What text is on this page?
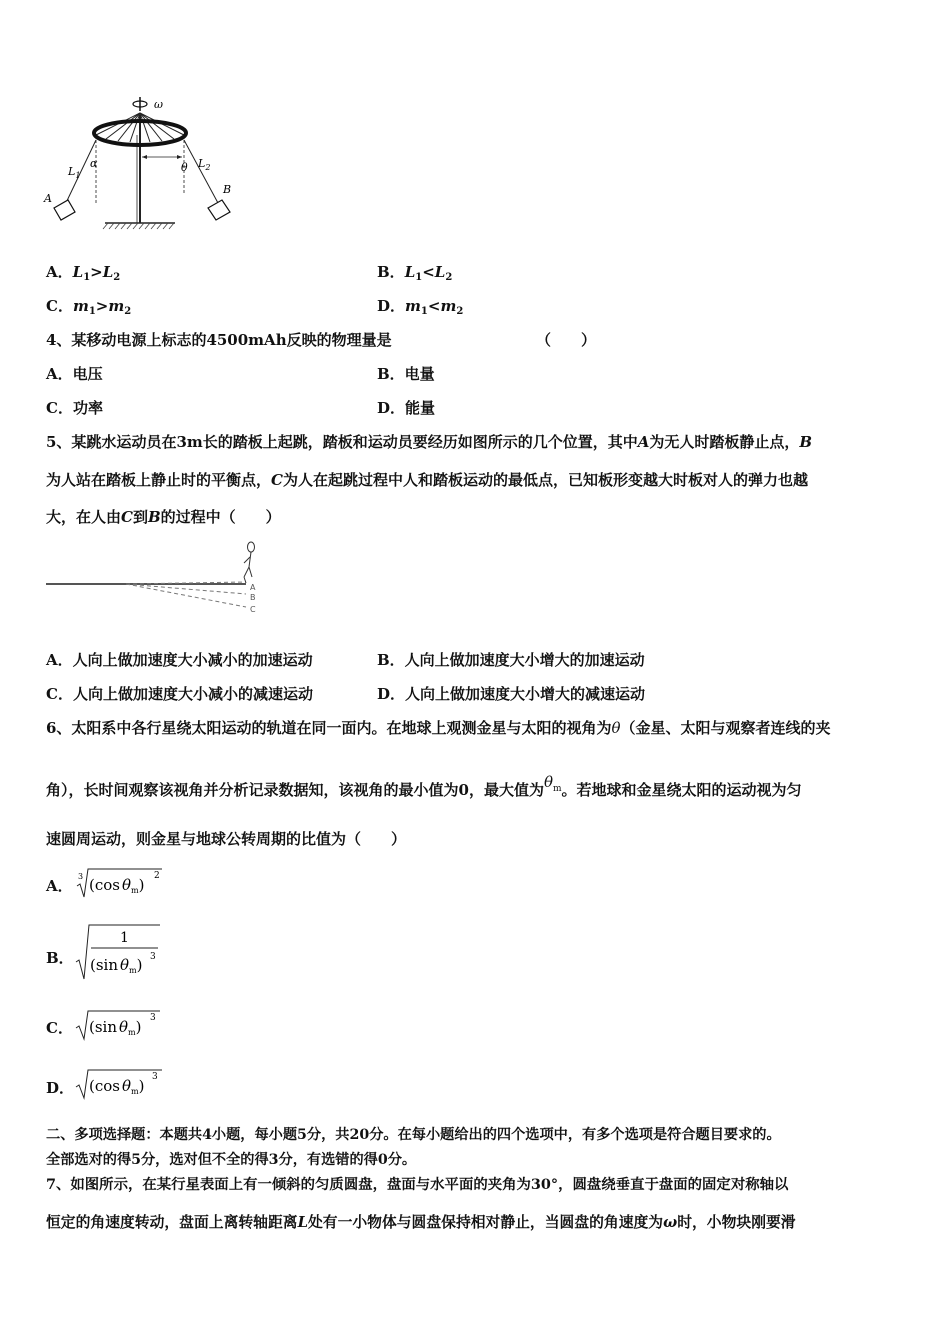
ω
$L_1$
α	θ $L_2$
A
B
A．$L_1>L_2$	B．$L_1<L_2$
C．$m_1>m_2$	D．$m_1<m_2$
4、某移动电源上标志的4500mAh反映的物理量是	（　　）
A．电压	B．电量
C．功率	D．能量
5、某跳水运动员在3m长的踏板上起跳，踏板和运动员要经历如图所示的几个位置，其中A为无人时踏板静止点，B
为人站在踏板上静止时的平衡点，C为人在起跳过程中人和踏板运动的最低点，已知板形变越大时板对人的弹力也越
大，在人由C到B的过程中（　　）
A
B
C
A．人向上做加速度大小减小的加速运动	B．人向上做加速度大小增大的加速运动
C．人向上做加速度大小减小的减速运动	D．人向上做加速度大小增大的减速运动
6、太阳系中各行星绕太阳运动的轨道在同一面内。在地球上观测金星与太阳的视角为θ（金星、太阳与观察者连线的夹
角），长时间观察该视角并分析记录数据知，该视角的最小值为0，最大值为$\theta^m$。若地球和金星绕太阳的运动视为匀
速圆周运动，则金星与地球公转周期的比值为（　　）
A．
3 (cos $\theta_m$) 2
B．
1
(sin $\theta_m$) 3
C． (sin $\theta_m$) 3
D． (cos $\theta_m$) 3
二、多项选择题：本题共4小题，每小题5分，共20分。在每小题给出的四个选项中，有多个选项是符合题目要求的。
全部选对的得5分，选对但不全的得3分，有选错的得0分。
7、如图所示，在某行星表面上有一倾斜的匀质圆盘，盘面与水平面的夹角为30°，圆盘绕垂直于盘面的固定对称轴以
恒定的角速度转动，盘面上离转轴距离L处有一小物体与圆盘保持相对静止，当圆盘的角速度为ω时，小物块刚要滑
